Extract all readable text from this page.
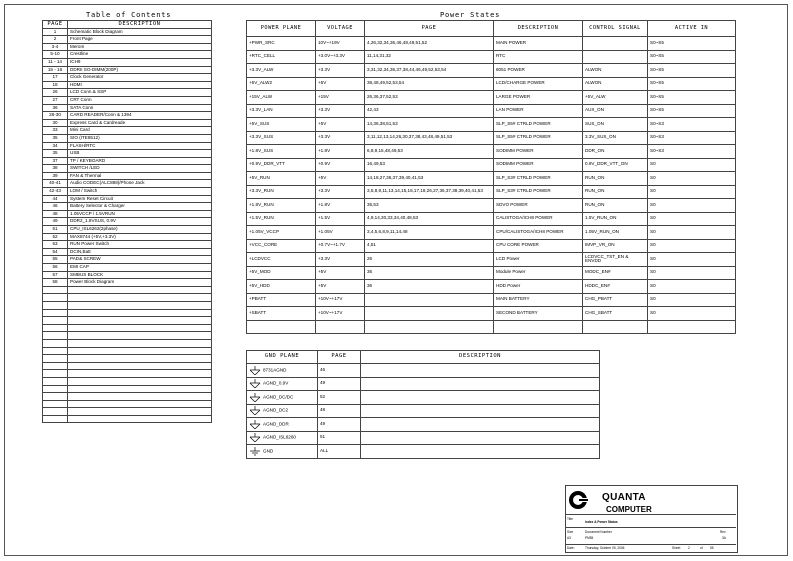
Table of Contents	Power States
PAGE	DESCRIPTION
1	Schematic Block Diagram
2	Front Page
3-4	Merom
5-10	Crestline
11 - 14	ICH9
15 - 16	DDRII SO-DIMM(200P)
17	Clock Generator
18	HDMI
26	LCD Conn.& SSP
27	CRT Conn
36	SATA Conn
28-30	CARD READER/Conn & 1394
30	Express Card & Cardreade
33	Mini Card
35	SIO (ITE8512)
34	FLASH/RTC
35	USB
37	TP / KEYBOARD
38	SWITCH /LED
39	FAN & Thermal
40-41	Audio CODEC(ALC888)/Phone Jack
42-43	LOM / Switch
44	System Reset Circuit
46	Battery Selector & Charger
48	1.05VCCP / 1.5VRUN
49	DDR2_1.8VSUS, 0.9V
51	CPU_ISL6262(2phase)
52	MAX8744 (+5V,+3.3V)
53	RUN Power Switch
54	DCIN,Batt
55	PAD& SCREW
56	EMI CAP
57	SMBUS BLOCK
58	Power Block Diagram

POWER PLANE	VOLTAGE	PAGE	DESCRIPTION	CONTROL SIGNAL	ACTIVE IN
+PWR_SRC	10V~+19V	4,26,32,34,36,46,48,49,51,52	MAIN POWER		S0~S5
+RTC_CELL	+3.0V~+3.3V	11,14,31,32	RTC		S0~S5
+3.3V_ALW	+3.3V	3,31,32,34,36,37,38,44,46,49,52,53,54	8051 POWER	ALWON	S0~S5
+5V_ALW2	+5V	38,48,49,52,53,54	LCD/CHARGE POWER	ALWON	S0~S5
+15V_ALW	+15V	26,36,37,52,53	LARGE POWER	+5V_ALW	S0~S5
+3.3V_LAN	+3.3V	42,43	LAN POWER	AUX_ON	S0~S5
+5V_SUS	+5V	14,36,38,51,53	SLP_S5# CTRLD POWER	SUS_ON	S0~S3
+3.3V_SUS	+3.3V	3,11,12,13,14,26,30,37,38,43,48,49,51,53	SLP_S5# CTRLD POWER	3.3V_SUS_ON	S0~S3
+1.8V_SUS	+1.8V	6,8,9,15,48,49,53	SODIMM POWER	DDR_ON	S0~S3
+0.9V_DDR_VTT	+0.9V	16,49,53	SODIMM POWER	0.9V_DDR_VTT_ON	S0
+5V_RUN	+5V	14,18,27,36,37,39,40,41,53	SLP_S3# CTRLD POWER	RUN_ON	S0
+3.3V_RUN	+3.3V	3,5,8,9,11,13,14,15,16,17,18,26,27,36,37,38,39,40,41,53	SLP_S3# CTRLD POWER	RUN_ON	S0
+1.8V_RUN	+1.8V	35,53	SDVO POWER	RUN_ON	S0
+1.5V_RUN	+1.5V	4,9,14,30,33,34,40,48,53	CALISTOGA/ICH8 POWER	1.5V_RUN_ON	S0
+1.05V_VCCP	+1.05V	3,4,5,6,8,9,11,14,48	CPU/CALISTOGA/ICH8 POWER	1.05V_RUN_ON	S0
+VCC_CORE	+0.7V~+1.7V	4,51	CPU CORE POWER	IMVP_VR_ON	S0
+LCDVCC	+3.3V	26	LCD Power	LCDVCC_TST_EN & ENVDD	S0
+5V_MOD	+5V	36	Module Power	MODC_EN#	S0
+5V_HDD	+5V	36	HDD Power	HDDC_EN#	S0
+PBATT	+10V~+17V		MAIN BATTERY	CHG_PBATT	S0
+SBATT	+10V~+17V		SECOND BATTERY	CHG_SBATT	S0

GND PLANE	PAGE	DESCRIPTION
8731AGND	46	
AGND_0.9V	49	
AGND_DC/DC	52	
AGND_DC2	48	
AGND_DDR	49	
AGND_ISL6260	51	
GND	ALL	
QUANTA
COMPUTER
Title
Index & Power Status
Size
A3
Document Number
PM55
Rev
3A
Date:	Thursday, October 05, 2006	Sheet 2	of 55
